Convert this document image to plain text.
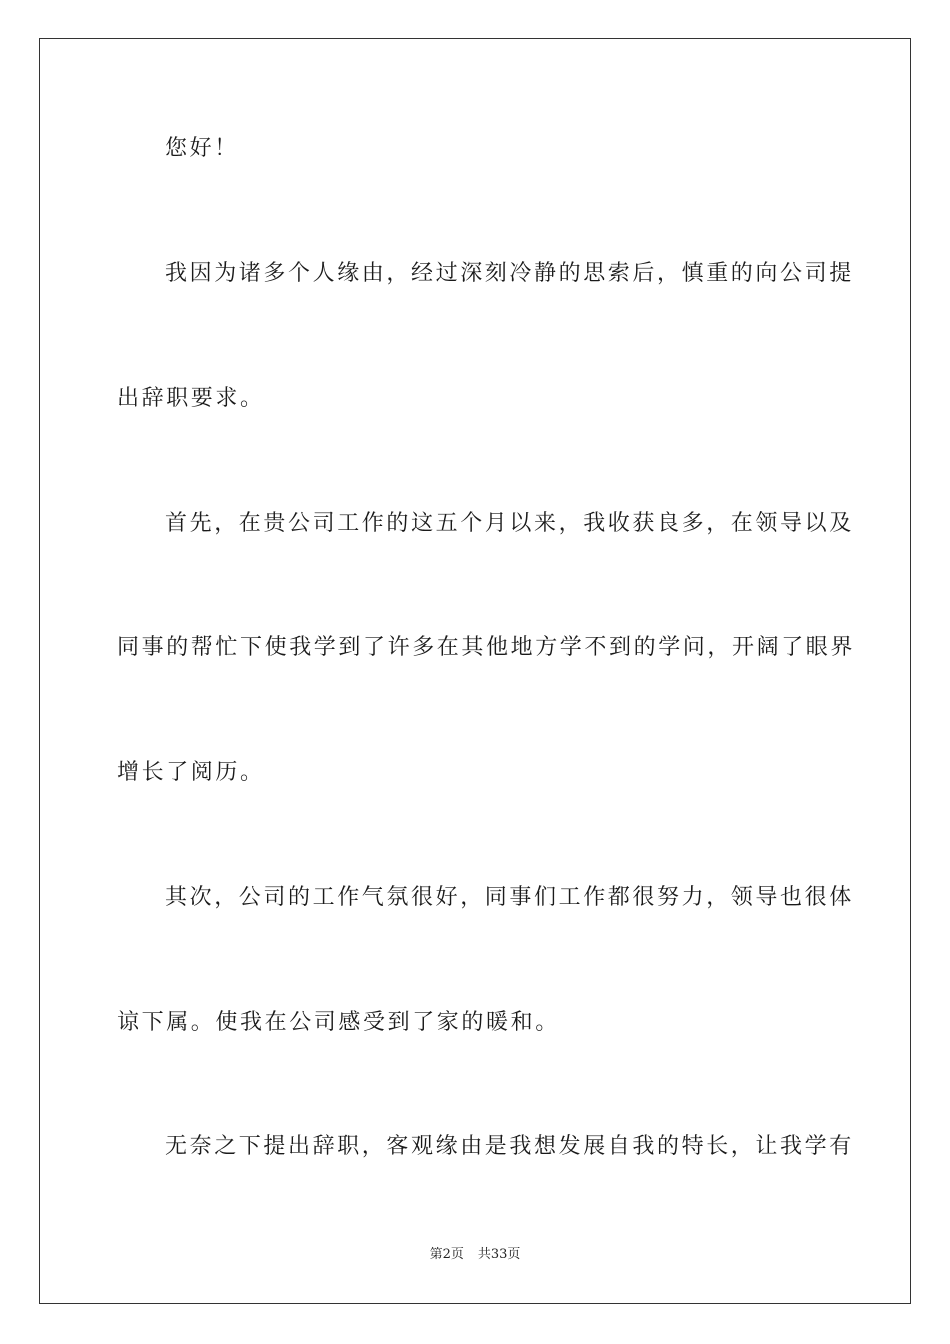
您好！
我因为诸多个人缘由，经过深刻冷静的思索后，慎重的向公司提
出辞职要求。
首先，在贵公司工作的这五个月以来，我收获良多，在领导以及
同事的帮忙下使我学到了许多在其他地方学不到的学问，开阔了眼界
增长了阅历。
其次，公司的工作气氛很好，同事们工作都很努力，领导也很体
谅下属。使我在公司感受到了家的暖和。
无奈之下提出辞职，客观缘由是我想发展自我的特长，让我学有
第2页 共33页
